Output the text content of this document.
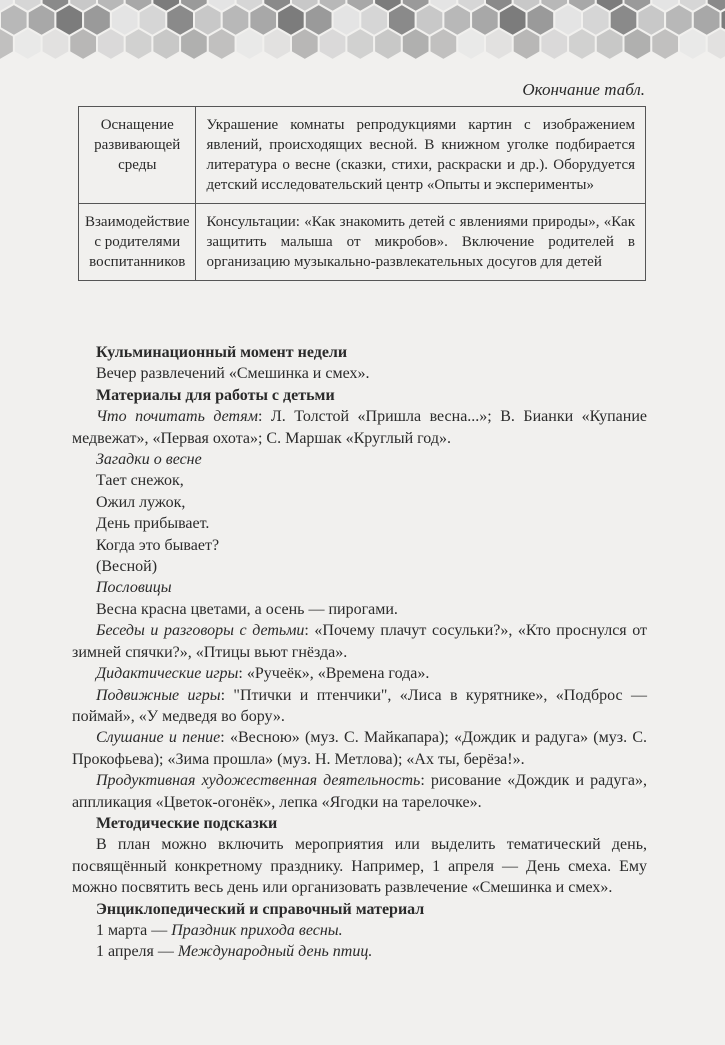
Окончание табл.
Оснащение развивающей среды	Украшение комнаты репродукциями картин с изображением явлений, происходящих весной. В книжном уголке подбирается литература о весне (сказки, стихи, раскраски и др.). Оборудуется детский исследовательский центр «Опыты и эксперименты»
Взаимодействие с родителями воспитанников	Консультации: «Как знакомить детей с явлениями природы», «Как защитить малыша от микробов». Включение родителей в организацию музыкально-развлекательных досугов для детей

Кульминационный момент недели

Вечер развлечений «Смешинка и смех».

Материалы для работы с детьми

Что почитать детям: Л. Толстой «Пришла весна...»; В. Бианки «Купание медвежат», «Первая охота»; С. Маршак «Круглый год».

Загадки о весне

Тает снежок,

Ожил лужок,

День прибывает.

Когда это бывает?

(Весной)

Пословицы

Весна красна цветами, а осень — пирогами.

Беседы и разговоры с детьми: «Почему плачут сосульки?», «Кто проснулся от зимней спячки?», «Птицы вьют гнёзда».

Дидактические игры: «Ручеёк», «Времена года».

Подвижные игры: "Птички и птенчики", «Лиса в курятнике», «Подброс — поймай», «У медведя во бору».

Слушание и пение: «Весною» (муз. С. Майкапара); «Дождик и радуга» (муз. С. Прокофьева); «Зима прошла» (муз. Н. Метлова); «Ах ты, берёза!».

Продуктивная художественная деятельность: рисование «Дождик и радуга», аппликация «Цветок-огонёк», лепка «Ягодки на тарелочке».

Методические подсказки

В план можно включить мероприятия или выделить тематический день, посвящённый конкретному празднику. Например, 1 апреля — День смеха. Ему можно посвятить весь день или организовать развлечение «Смешинка и смех».

Энциклопедический и справочный материал

1 марта — Праздник прихода весны.

1 апреля — Международный день птиц.
